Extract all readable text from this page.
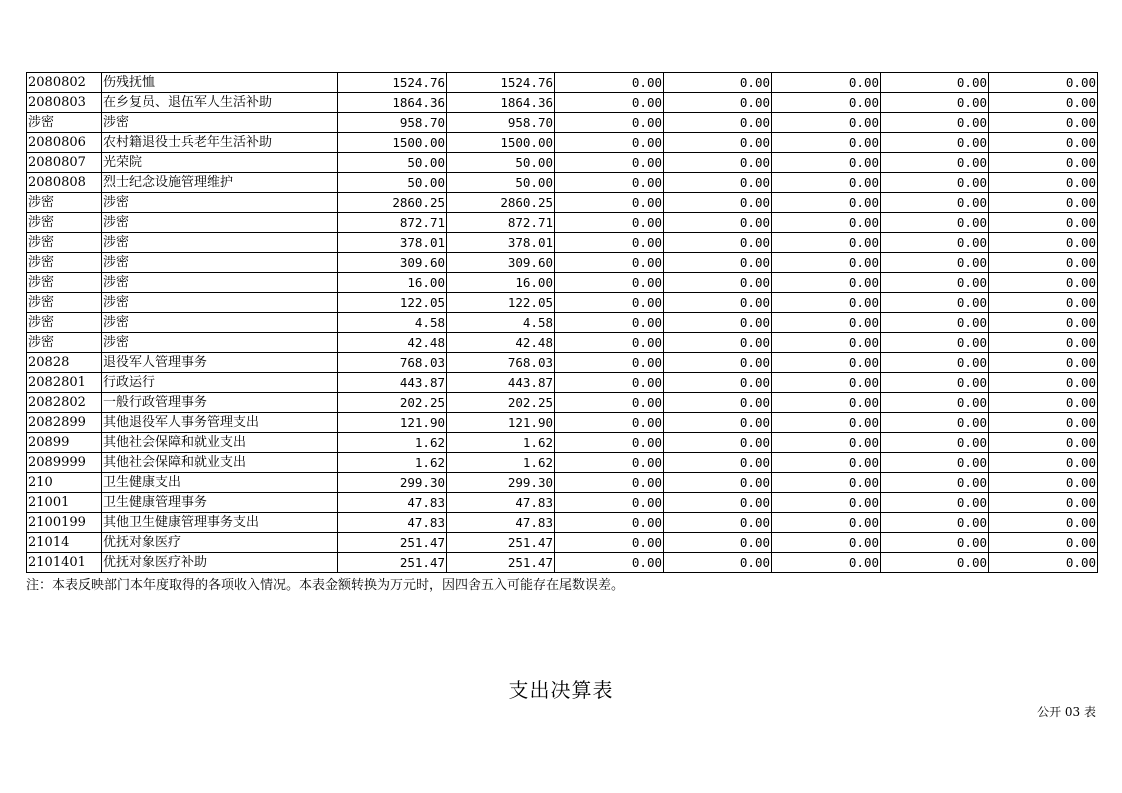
2080802	伤残抚恤	1524.76	1524.76	0.00	0.00	0.00	0.00	0.00
2080803	在乡复员、退伍军人生活补助	1864.36	1864.36	0.00	0.00	0.00	0.00	0.00
涉密	涉密	958.70	958.70	0.00	0.00	0.00	0.00	0.00
2080806	农村籍退役士兵老年生活补助	1500.00	1500.00	0.00	0.00	0.00	0.00	0.00
2080807	光荣院	50.00	50.00	0.00	0.00	0.00	0.00	0.00
2080808	烈士纪念设施管理维护	50.00	50.00	0.00	0.00	0.00	0.00	0.00
涉密	涉密	2860.25	2860.25	0.00	0.00	0.00	0.00	0.00
涉密	涉密	872.71	872.71	0.00	0.00	0.00	0.00	0.00
涉密	涉密	378.01	378.01	0.00	0.00	0.00	0.00	0.00
涉密	涉密	309.60	309.60	0.00	0.00	0.00	0.00	0.00
涉密	涉密	16.00	16.00	0.00	0.00	0.00	0.00	0.00
涉密	涉密	122.05	122.05	0.00	0.00	0.00	0.00	0.00
涉密	涉密	4.58	4.58	0.00	0.00	0.00	0.00	0.00
涉密	涉密	42.48	42.48	0.00	0.00	0.00	0.00	0.00
20828	退役军人管理事务	768.03	768.03	0.00	0.00	0.00	0.00	0.00
2082801	行政运行	443.87	443.87	0.00	0.00	0.00	0.00	0.00
2082802	一般行政管理事务	202.25	202.25	0.00	0.00	0.00	0.00	0.00
2082899	其他退役军人事务管理支出	121.90	121.90	0.00	0.00	0.00	0.00	0.00
20899	其他社会保障和就业支出	1.62	1.62	0.00	0.00	0.00	0.00	0.00
2089999	其他社会保障和就业支出	1.62	1.62	0.00	0.00	0.00	0.00	0.00
210	卫生健康支出	299.30	299.30	0.00	0.00	0.00	0.00	0.00
21001	卫生健康管理事务	47.83	47.83	0.00	0.00	0.00	0.00	0.00
2100199	其他卫生健康管理事务支出	47.83	47.83	0.00	0.00	0.00	0.00	0.00
21014	优抚对象医疗	251.47	251.47	0.00	0.00	0.00	0.00	0.00
2101401	优抚对象医疗补助	251.47	251.47	0.00	0.00	0.00	0.00	0.00
注：本表反映部门本年度取得的各项收入情况。本表金额转换为万元时，因四舍五入可能存在尾数误差。
支出决算表
公开 03 表
